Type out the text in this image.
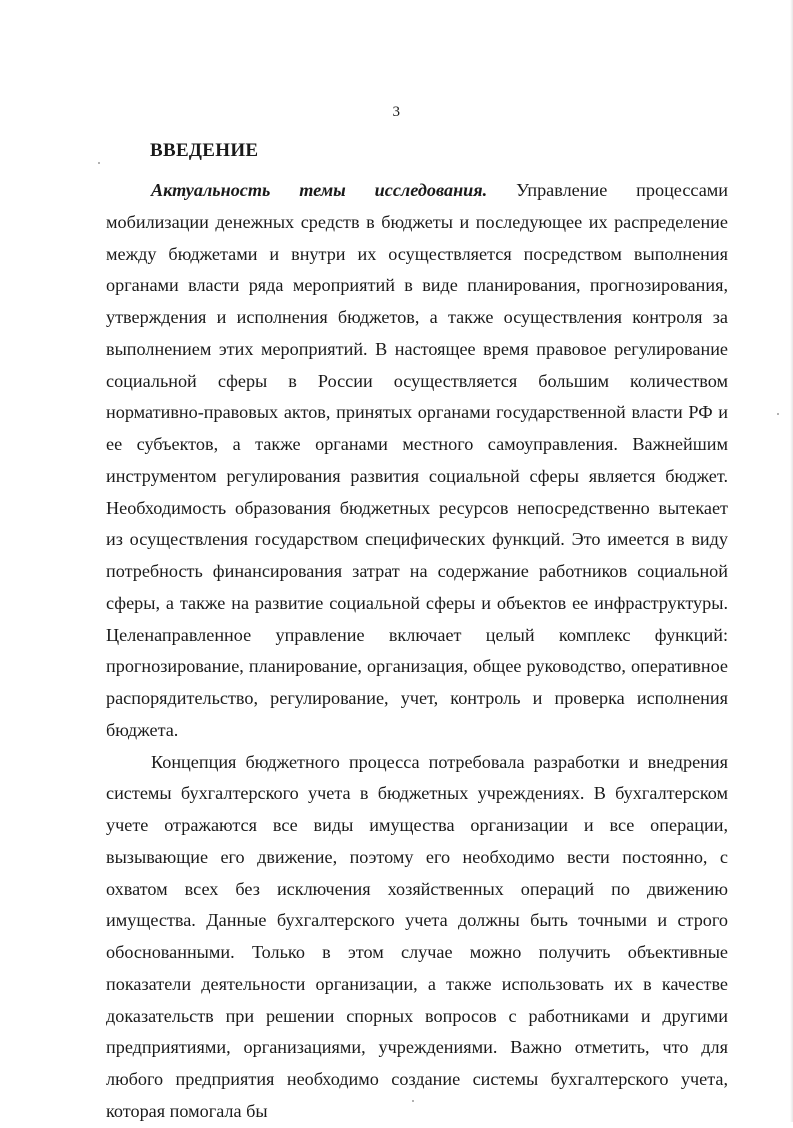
3
ВВЕДЕНИЕ

Актуальность темы исследования. Управление процессами мобилизации денежных средств в бюджеты и последующее их распределение между бюджетами и внутри их осуществляется посредством выполнения органами власти ряда мероприятий в виде планирования, прогнозирования, утверждения и исполнения бюджетов, а также осуществления контроля за выполнением этих мероприятий. В настоящее время правовое регулирование социальной сферы в России осуществляется большим количеством нормативно-правовых актов, принятых органами государственной власти РФ и ее субъектов, а также органами местного самоуправления. Важнейшим инструментом регулирования развития социальной сферы является бюджет. Необходимость образования бюджетных ресурсов непосредственно вытекает из осуществления государством специфических функций. Это имеется в виду потребность финансирования затрат на содержание работников социальной сферы, а также на развитие социальной сферы и объектов ее инфраструктуры. Целенаправленное управление включает целый комплекс функций: прогнозирование, планирование, организация, общее руководство, оперативное распорядительство, регулирование, учет, контроль и проверка исполнения бюджета.

Концепция бюджетного процесса потребовала разработки и внедрения системы бухгалтерского учета в бюджетных учреждениях. В бухгалтерском учете отражаются все виды имущества организации и все операции, вызывающие его движение, поэтому его необходимо вести постоянно, с охватом всех без исключения хозяйственных операций по движению имущества. Данные бухгалтерского учета должны быть точными и строго обоснованными. Только в этом случае можно получить объективные показатели деятельности организации, а также использовать их в качестве доказательств при решении спорных вопросов с работниками и другими предприятиями, организациями, учреждениями. Важно отметить, что для любого предприятия необходимо создание системы бухгалтерского учета, которая помогала бы
